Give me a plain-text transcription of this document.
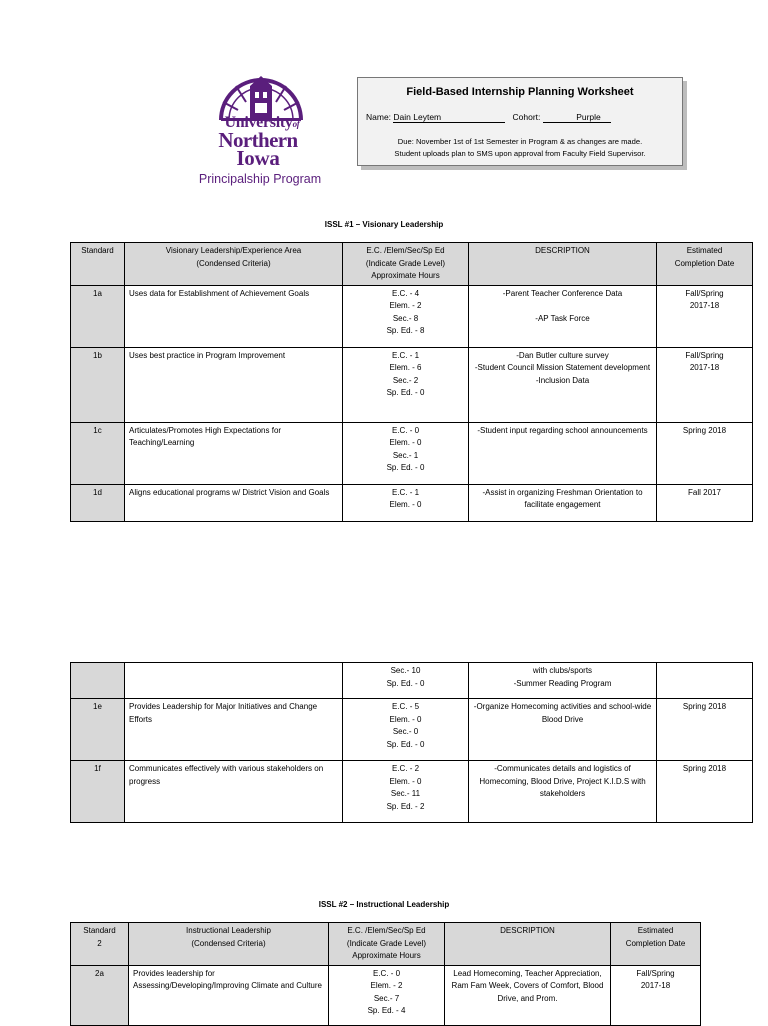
Universityof
Northern
Iowa
Principalship Program
Field-Based Internship Planning Worksheet
Name: Dain Leytem	Cohort:	Purple
Due: November 1st of 1st Semester in Program & as changes are made.
Student uploads plan to SMS upon approval from Faculty Field Supervisor.
ISSL #1 – Visionary Leadership
Standard	Visionary Leadership/Experience Area
(Condensed Criteria)	E.C. /Elem/Sec/Sp Ed
(Indicate Grade Level)
Approximate Hours	DESCRIPTION	Estimated
Completion Date
1a	Uses data for Establishment of Achievement Goals	E.C. - 4
Elem. - 2
Sec.- 8
Sp. Ed. - 8	-Parent Teacher Conference Data

-AP Task Force	Fall/Spring
2017-18
1b	Uses best practice in Program Improvement	E.C. - 1
Elem. - 6
Sec.- 2
Sp. Ed. - 0	-Dan Butler culture survey
-Student Council Mission Statement development
-Inclusion Data	Fall/Spring
2017-18
1c	Articulates/Promotes High Expectations for Teaching/Learning	E.C. - 0
Elem. - 0
Sec.- 1
Sp. Ed. - 0	-Student input regarding school announcements	Spring 2018
1d	Aligns educational programs w/ District Vision and Goals	E.C. - 1
Elem. - 0	-Assist in organizing Freshman Orientation to facilitate engagement	Fall 2017
		Sec.- 10
Sp. Ed. - 0	with clubs/sports
-Summer Reading Program	
1e	Provides Leadership for Major Initiatives and Change Efforts	E.C. - 5
Elem. - 0
Sec.- 0
Sp. Ed. - 0	-Organize Homecoming activities and school-wide Blood Drive	Spring 2018
1f	Communicates effectively with various stakeholders on progress	E.C. - 2
Elem. - 0
Sec.- 11
Sp. Ed. - 2	-Communicates details and logistics of Homecoming, Blood Drive, Project K.I.D.S with stakeholders	Spring 2018
ISSL #2 – Instructional Leadership
Standard
2	Instructional Leadership
(Condensed Criteria)	E.C. /Elem/Sec/Sp Ed
(Indicate Grade Level)
Approximate Hours	DESCRIPTION	Estimated
Completion Date
2a	Provides leadership for Assessing/Developing/Improving Climate and Culture	E.C. - 0
Elem. - 2
Sec.- 7
Sp. Ed. - 4	Lead Homecoming, Teacher Appreciation, Ram Fam Week, Covers of Comfort, Blood Drive, and Prom.	Fall/Spring
2017-18
